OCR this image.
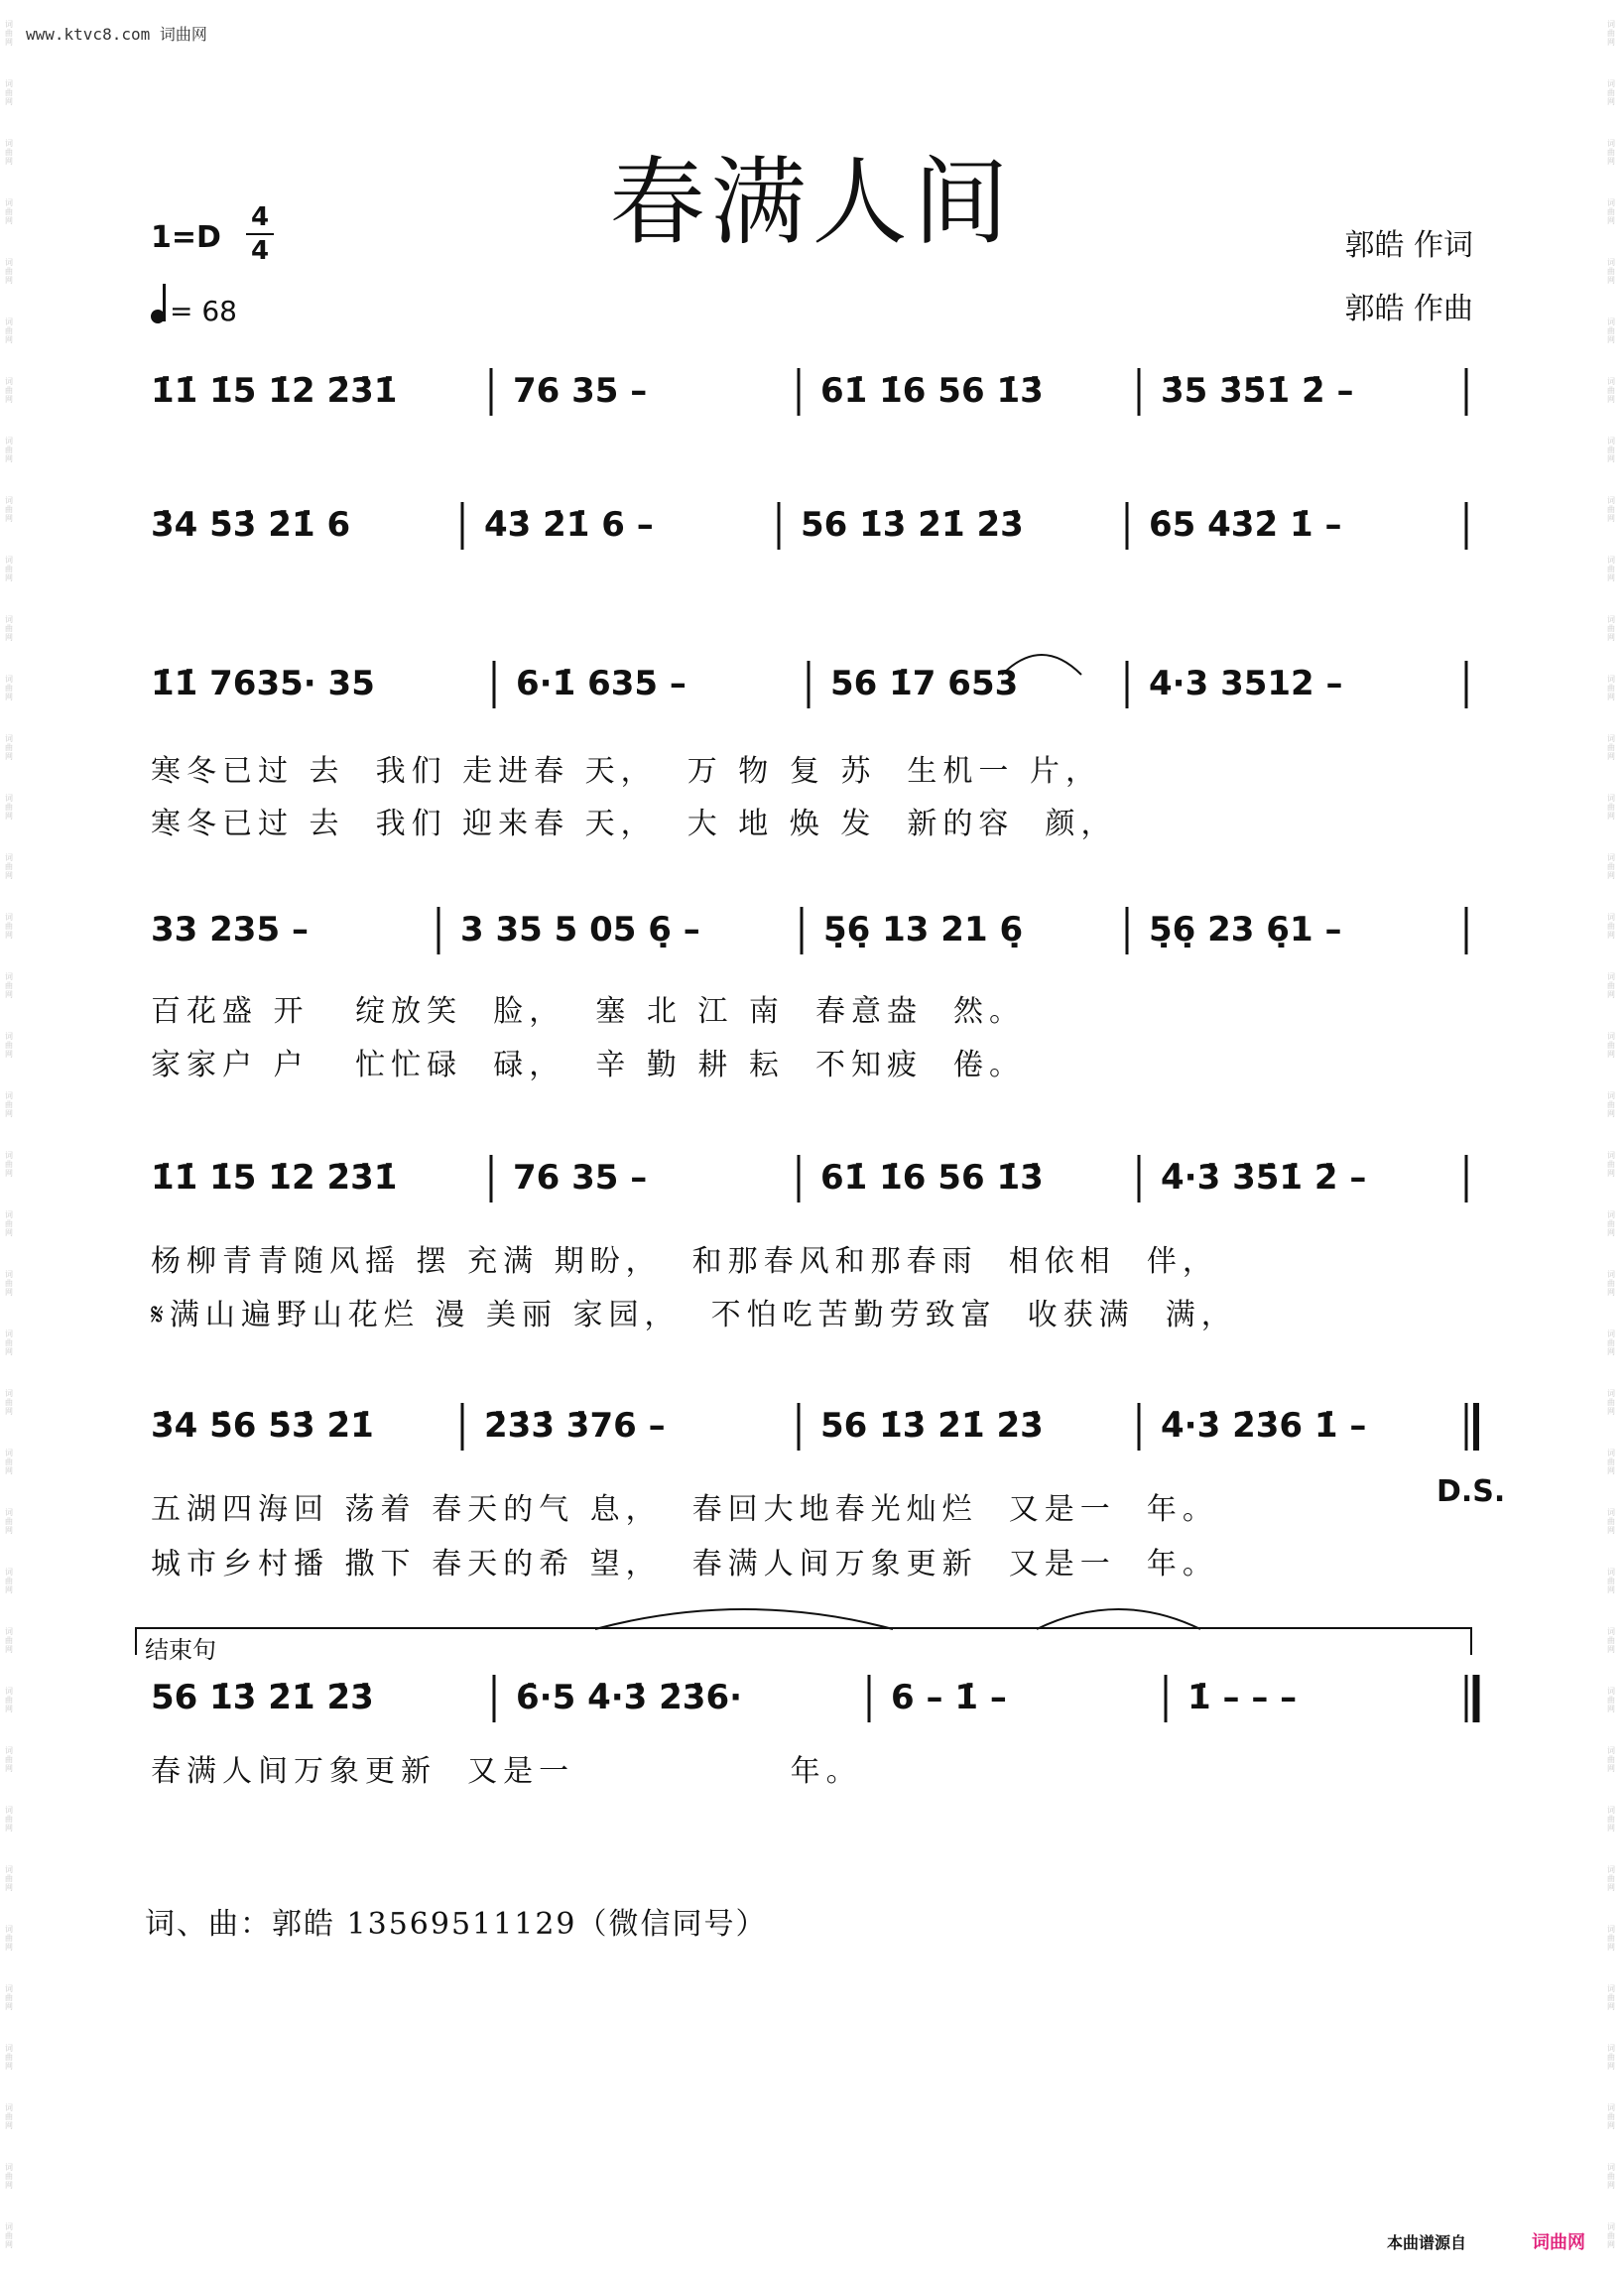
www.ktvc8.com 词曲网
词曲网
词曲网
词曲网
词曲网
词曲网
词曲网
词曲网
词曲网
词曲网
词曲网
词曲网
词曲网
词曲网
词曲网
词曲网
词曲网
词曲网
词曲网
词曲网
词曲网
词曲网
词曲网
词曲网
词曲网
词曲网
词曲网
词曲网
词曲网
词曲网
词曲网
词曲网
词曲网
词曲网
词曲网
词曲网
词曲网
词曲网
词曲网
词曲网
词曲网
词曲网
词曲网
词曲网
词曲网
词曲网
词曲网
词曲网
词曲网
词曲网
词曲网
词曲网
词曲网
词曲网
词曲网
词曲网
词曲网
词曲网
词曲网
词曲网
词曲网
词曲网
词曲网
词曲网
词曲网
词曲网
词曲网
词曲网
词曲网
词曲网
词曲网
词曲网
词曲网
词曲网
词曲网
词曲网
词曲网
春满人间
1=D
4
4
= 68
郭皓 作词
郭皓 作曲
1̇1̇ 1̇5 1̇2 2̇3̇1̇	76 35 –	61̇ 1̇6 56 1̇3̇	3̇5 3̇5̇1̇ 2̇ –
3̇4 5̇3̇ 2̇1̇ 6	4̇3̇ 2̇1̇ 6 –	56 1̇3̇ 2̇1̇ 2̇3̇	6̇5 4̇3̇2̇ 1̇ –
1̇1̇ 7635· 35	6·1̇ 635 –	56 1̇7 653	4·3 3512 –
33 235 –	3 35 5 05 6̣ –	5̣6̣ 13 21 6̣	5̣6̣ 23 6̣1 –
1̇1̇ 1̇5 1̇2 2̇3̇1̇	76 35 –	61̇ 1̇6 56 1̇3̇	4̇·3̇ 3̇5̇1̇ 2̇ –
3̇4 5̇6 5̇3̇ 2̇1̇	2̇3̇3̇ 3̇76 –	56 1̇3̇ 2̇1̇ 2̇3̇	4̇·3̇ 2̇3̇6 1̇ –
56 1̇3̇ 2̇1̇ 2̇3̇	6̇·5 4̇·3̇ 2̇3̇6·	6 – 1̇ –	1̇ – – –
寒冬已过 去  我们 走进春 天，  万 物 复 苏  生机一 片，
寒冬已过 去  我们 迎来春 天，  大 地 焕 发  新的容  颜，
百花盛 开   绽放笑  脸，  塞 北 江 南  春意盎  然。
家家户 户   忙忙碌  碌，  辛 勤 耕 耘  不知疲  倦。
杨柳青青随风摇 摆 充满 期盼，  和那春风和那春雨  相依相  伴，
𝄋满山遍野山花烂 漫 美丽 家园，  不怕吃苦勤劳致富  收获满  满，
五湖四海回 荡着 春天的气 息，  春回大地春光灿烂  又是一  年。
城市乡村播 撒下 春天的希 望，  春满人间万象更新  又是一  年。
D.S.
结束句
春满人间万象更新  又是一              年。
词、曲：郭皓 13569511129（微信同号）
本曲谱源自	词曲网
